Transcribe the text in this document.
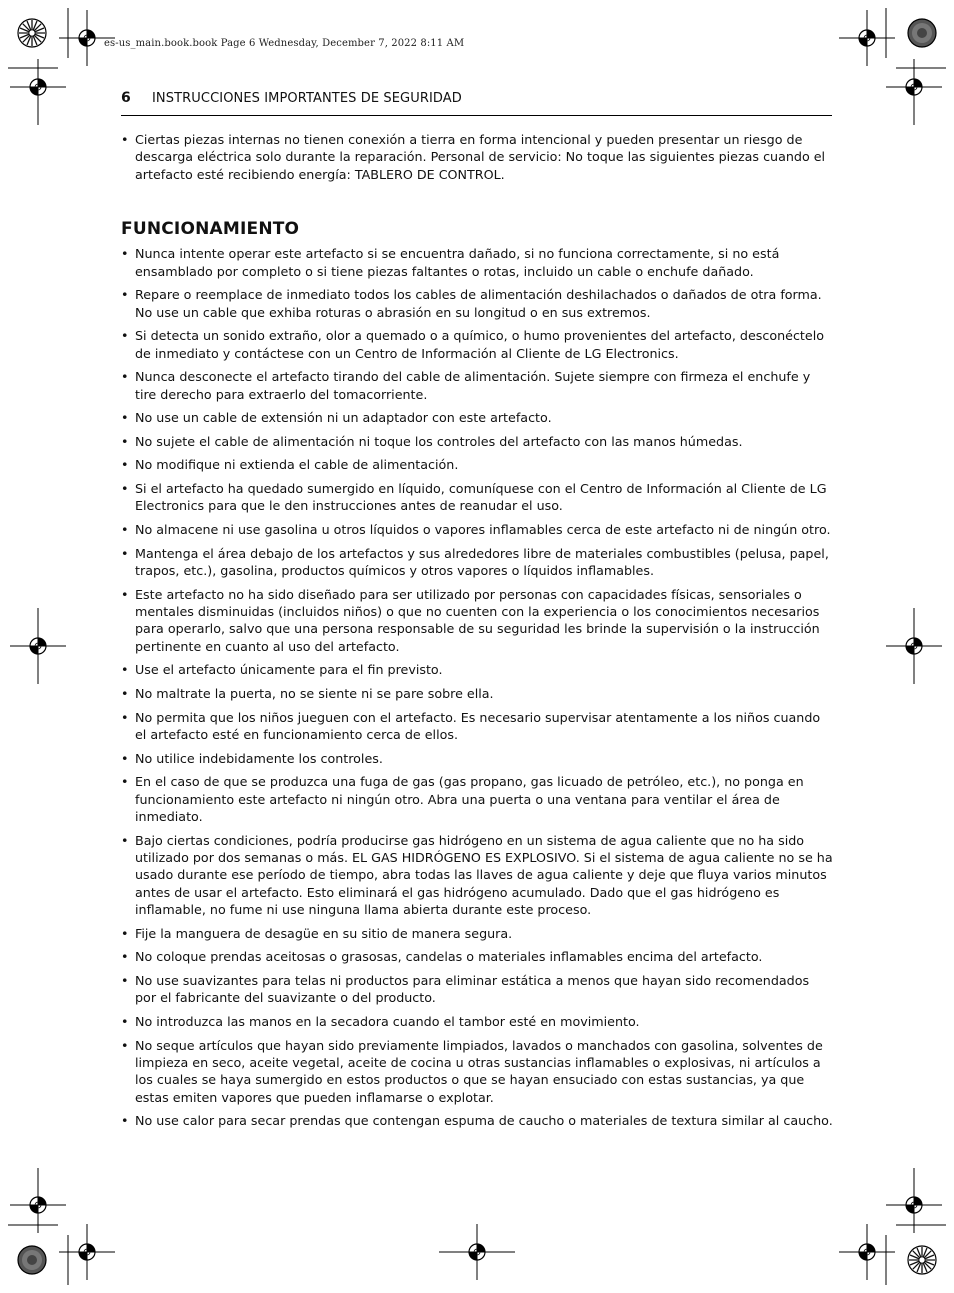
es-us_main.book.book Page 6 Wednesday, December 7, 2022 8:11 AM
6 INSTRUCCIONES IMPORTANTES DE SEGURIDAD
• Ciertas piezas internas no tienen conexión a tierra en forma intencional y pueden presentar un riesgo de descarga eléctrica solo durante la reparación. Personal de servicio: No toque las siguientes piezas cuando el artefacto esté recibiendo energía: TABLERO DE CONTROL.
FUNCIONAMIENTO
• Nunca intente operar este artefacto si se encuentra dañado, si no funciona correctamente, si no está ensamblado por completo o si tiene piezas faltantes o rotas, incluido un cable o enchufe dañado.
• Repare o reemplace de inmediato todos los cables de alimentación deshilachados o dañados de otra forma. No use un cable que exhiba roturas o abrasión en su longitud o en sus extremos.
• Si detecta un sonido extraño, olor a quemado o a químico, o humo provenientes del artefacto, desconéctelo de inmediato y contáctese con un Centro de Información al Cliente de LG Electronics.
• Nunca desconecte el artefacto tirando del cable de alimentación. Sujete siempre con firmeza el enchufe y tire derecho para extraerlo del tomacorriente.
• No use un cable de extensión ni un adaptador con este artefacto.
• No sujete el cable de alimentación ni toque los controles del artefacto con las manos húmedas.
• No modifique ni extienda el cable de alimentación.
• Si el artefacto ha quedado sumergido en líquido, comuníquese con el Centro de Información al Cliente de LG Electronics para que le den instrucciones antes de reanudar el uso.
• No almacene ni use gasolina u otros líquidos o vapores inflamables cerca de este artefacto ni de ningún otro.
• Mantenga el área debajo de los artefactos y sus alrededores libre de materiales combustibles (pelusa, papel, trapos, etc.), gasolina, productos químicos y otros vapores o líquidos inflamables.
• Este artefacto no ha sido diseñado para ser utilizado por personas con capacidades físicas, sensoriales o mentales disminuidas (incluidos niños) o que no cuenten con la experiencia o los conocimientos necesarios para operarlo, salvo que una persona responsable de su seguridad les brinde la supervisión o la instrucción pertinente en cuanto al uso del artefacto.
• Use el artefacto únicamente para el fin previsto.
• No maltrate la puerta, no se siente ni se pare sobre ella.
• No permita que los niños jueguen con el artefacto. Es necesario supervisar atentamente a los niños cuando el artefacto esté en funcionamiento cerca de ellos.
• No utilice indebidamente los controles.
• En el caso de que se produzca una fuga de gas (gas propano, gas licuado de petróleo, etc.), no ponga en funcionamiento este artefacto ni ningún otro. Abra una puerta o una ventana para ventilar el área de inmediato.
• Bajo ciertas condiciones, podría producirse gas hidrógeno en un sistema de agua caliente que no ha sido utilizado por dos semanas o más. EL GAS HIDRÓGENO ES EXPLOSIVO. Si el sistema de agua caliente no se ha usado durante ese período de tiempo, abra todas las llaves de agua caliente y deje que fluya varios minutos antes de usar el artefacto. Esto eliminará el gas hidrógeno acumulado. Dado que el gas hidrógeno es inflamable, no fume ni use ninguna llama abierta durante este proceso.
• Fije la manguera de desagüe en su sitio de manera segura.
• No coloque prendas aceitosas o grasosas, candelas o materiales inflamables encima del artefacto.
• No use suavizantes para telas ni productos para eliminar estática a menos que hayan sido recomendados por el fabricante del suavizante o del producto.
• No introduzca las manos en la secadora cuando el tambor esté en movimiento.
• No seque artículos que hayan sido previamente limpiados, lavados o manchados con gasolina, solventes de limpieza en seco, aceite vegetal, aceite de cocina u otras sustancias inflamables o explosivas, ni artículos a los cuales se haya sumergido en estos productos o que se hayan ensuciado con estas sustancias, ya que estas emiten vapores que pueden inflamarse o explotar.
• No use calor para secar prendas que contengan espuma de caucho o materiales de textura similar al caucho.
